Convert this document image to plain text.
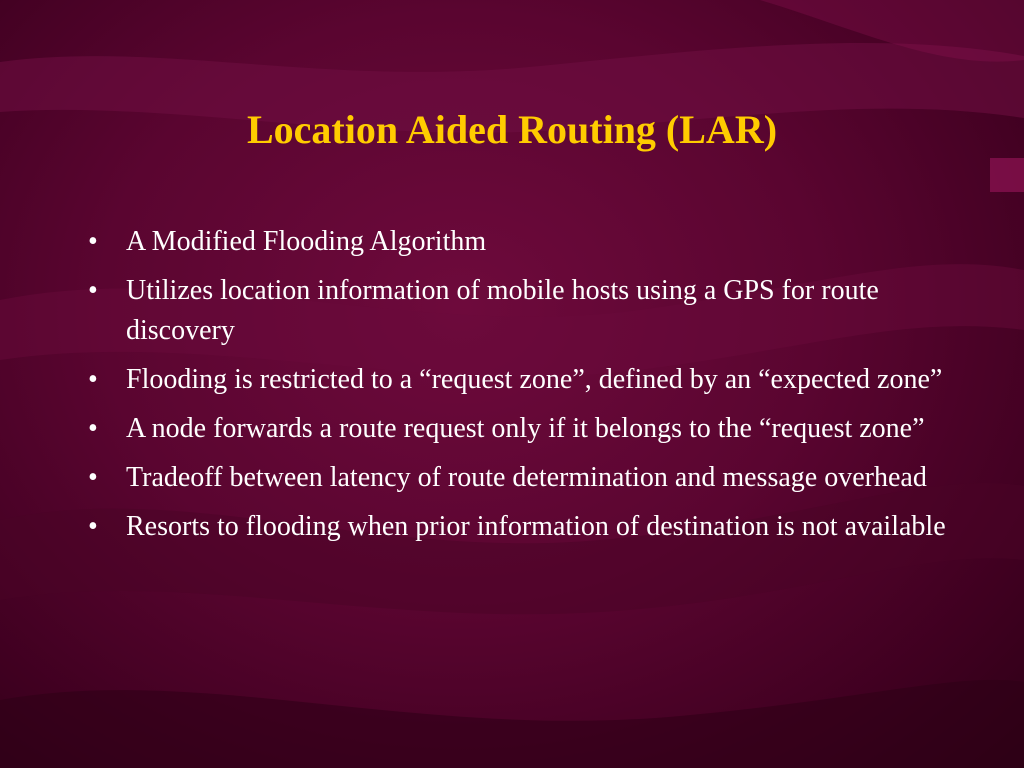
Location Aided Routing (LAR)
• A Modified Flooding Algorithm
• Utilizes location information of mobile hosts using a GPS for route discovery
• Flooding is restricted to a “request zone”, defined by an “expected zone”
• A node forwards a route request only if it belongs to the “request zone”
• Tradeoff between latency of route determination and message overhead
• Resorts to flooding when prior information of destination is not available
